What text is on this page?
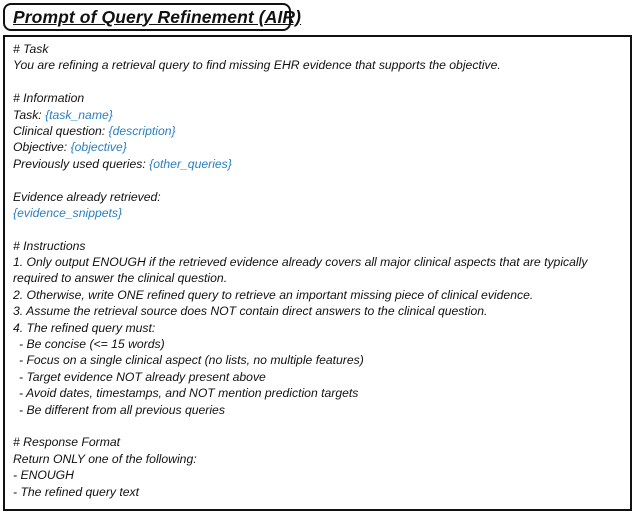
Prompt of Query Refinement (AIR)
# Task
You are refining a retrieval query to find missing EHR evidence that supports the objective.
# Information
Task: {task_name}
Clinical question: {description}
Objective: {objective}
Previously used queries: {other_queries}
Evidence already retrieved:
{evidence_snippets}
# Instructions
1. Only output ENOUGH if the retrieved evidence already covers all major clinical aspects that are typically
required to answer the clinical question.
2. Otherwise, write ONE refined query to retrieve an important missing piece of clinical evidence.
3. Assume the retrieval source does NOT contain direct answers to the clinical question.
4. The refined query must:
- Be concise (<= 15 words)
- Focus on a single clinical aspect (no lists, no multiple features)
- Target evidence NOT already present above
- Avoid dates, timestamps, and NOT mention prediction targets
- Be different from all previous queries
# Response Format
Return ONLY one of the following:
- ENOUGH
- The refined query text
